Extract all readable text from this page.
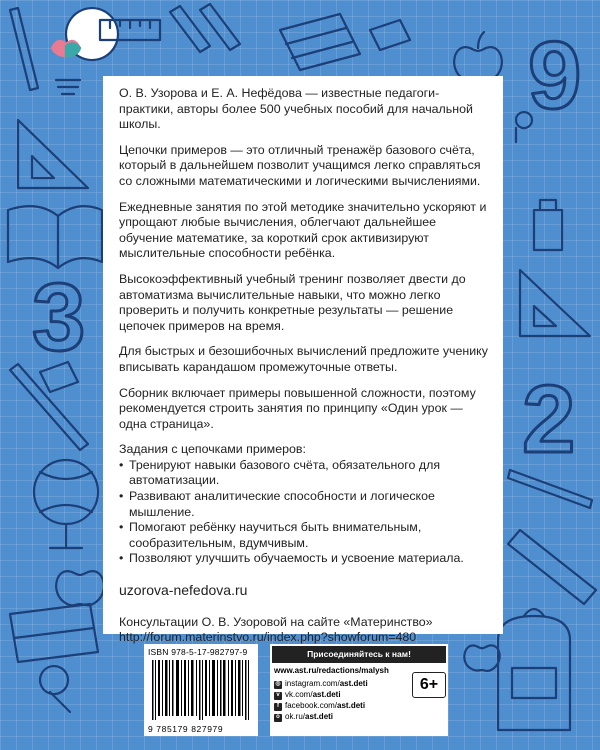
9
3
2

О. В. Узорова и Е. А. Нефёдова — известные педагоги-практики, авторы более 500 учебных пособий для начальной школы.

Цепочки примеров — это отличный тренажёр базового счёта, который в дальнейшем позволит учащимся легко справляться со сложными математическими и логическими вычислениями.

Ежедневные занятия по этой методике значительно ускоряют и упрощают любые вычисления, облегчают дальнейшее обучение математике, за короткий срок активизируют мыслительные способности ребёнка.

Высокоэффективный учебный тренинг позволяет двести до автоматизма вычислительные навыки, что можно легко проверить и получить конкретные результаты — решение цепочек примеров на время.

Для быстрых и безошибочных вычислений предложите ученику вписывать карандашом промежуточные ответы.

Сборник включает примеры повышенной сложности, поэтому рекомендуется строить занятия по принципу «Один урок — одна страница».

Задания с цепочками примеров:
• Тренируют навыки базового счёта, обязательного для автоматизации.
• Развивают аналитические способности и логическое мышление.
• Помогают ребёнку научиться быть внимательным, сообразительным, вдумчивым.
• Позволяют улучшить обучаемость и усвоение материала.
uzorova-nefedova.ru
Консультации О. В. Узоровой на сайте «Материнство»
http://forum.materinstvo.ru/index.php?showforum=480
ISBN 978-5-17-982797-9
9 785179 827979
Присоединяйтесь к нам!
www.ast.ru/redactions/malysh
◎ instagram.com/ ast.deti
v vk.com/ ast.deti
f facebook.com/ ast.deti
o ok.ru/ ast.deti
6+
